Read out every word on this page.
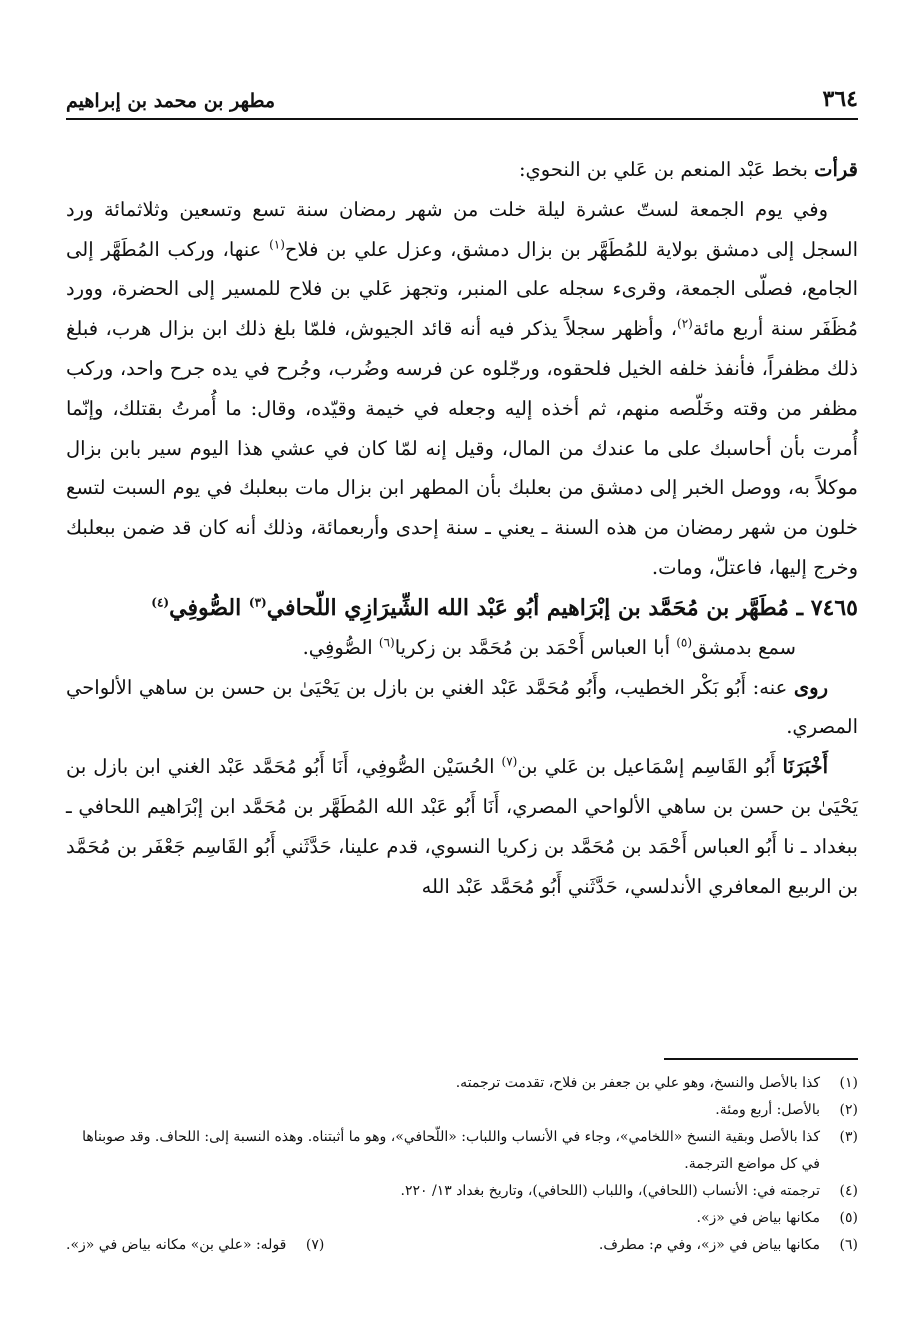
٣٦٤
مطهر بن محمد بن إبراهيم

قرأت بخط عَبْد المنعم بن عَلي بن النحوي:

وفي يوم الجمعة لستّ عشرة ليلة خلت من شهر رمضان سنة تسع وتسعين وثلاثمائة ورد السجل إلى دمشق بولاية للمُطَهَّر بن بزال دمشق، وعزل علي بن فلاح$^{(١)}$ عنها، وركب المُطَهَّر إلى الجامع، فصلّى الجمعة، وقرىء سجله على المنبر، وتجهز عَلي بن فلاح للمسير إلى الحضرة، وورد مُظَفَر سنة أربع مائة$^{(٢)}$، وأظهر سجلاً يذكر فيه أنه قائد الجيوش، فلمّا بلغ ذلك ابن بزال هرب، فبلغ ذلك مظفراً، فأنفذ خلفه الخيل فلحقوه، ورجّلوه عن فرسه وضُرب، وجُرح في يده جرح واحد، وركب مظفر من وقته وخَلّصه منهم، ثم أخذه إليه وجعله في خيمة وقيّده، وقال: ما أُمرتُ بقتلك، وإنّما أُمرت بأن أحاسبك على ما عندك من المال، وقيل إنه لمّا كان في عشي هذا اليوم سير بابن بزال موكلاً به، ووصل الخبر إلى دمشق من بعلبك بأن المطهر ابن بزال مات ببعلبك في يوم السبت لتسع خلون من شهر رمضان من هذه السنة ـ يعني ـ سنة إحدى وأربعمائة، وذلك أنه كان قد ضمن ببعلبك وخرج إليها، فاعتلّ، ومات.

٧٤٦٥ ـ مُطَهَّر بن مُحَمَّد بن إبْرَاهيم أبُو عَبْد الله الشِّيرَازِي اللّحافي$^{(٣)}$ الصُّوفِي$^{(٤)}$

سمع بدمشق$^{(٥)}$ أبا العباس أَحْمَد بن مُحَمَّد بن زكريا$^{(٦)}$ الصُّوفِي.

روى عنه: أَبُو بَكْر الخطيب، وأَبُو مُحَمَّد عَبْد الغني بن بازل بن يَحْيَىٰ بن حسن بن ساهي الألواحي المصري.

أَخْبَرَنَا أَبُو القَاسِم إسْمَاعيل بن عَلي بن$^{(٧)}$ الحُسَيْن الصُّوفِي، أَنَا أَبُو مُحَمَّد عَبْد الغني ابن بازل بن يَحْيَىٰ بن حسن بن ساهي الألواحي المصري، أَنَا أَبُو عَبْد الله المُطَهَّر بن مُحَمَّد ابن إبْرَاهيم اللحافي ـ ببغداد ـ نا أَبُو العباس أَحْمَد بن مُحَمَّد بن زكريا النسوي، قدم علينا، حَدَّثَني أَبُو القَاسِم جَعْفَر بن مُحَمَّد بن الربيع المعافري الأندلسي، حَدَّثَني أَبُو مُحَمَّد عَبْد الله

(١)
كذا بالأصل والنسخ، وهو علي بن جعفر بن فلاح، تقدمت ترجمته.
(٢)
بالأصل: أربع ومئة.
(٣)
كذا بالأصل وبقية النسخ «اللخامي»، وجاء في الأنساب واللباب: «اللّحافي»، وهو ما أثبتناه. وهذه النسبة إلى: اللحاف. وقد صوبناها في كل مواضع الترجمة.
(٤)
ترجمته في: الأنساب (اللحافي)، واللباب (اللحافي)، وتاريخ بغداد ١٣/ ٢٢٠.
(٥)
مكانها بياض في «ز».
(٦)
مكانها بياض في «ز»، وفي م: مطرف.
(٧)
قوله: «علي بن» مكانه بياض في «ز».
